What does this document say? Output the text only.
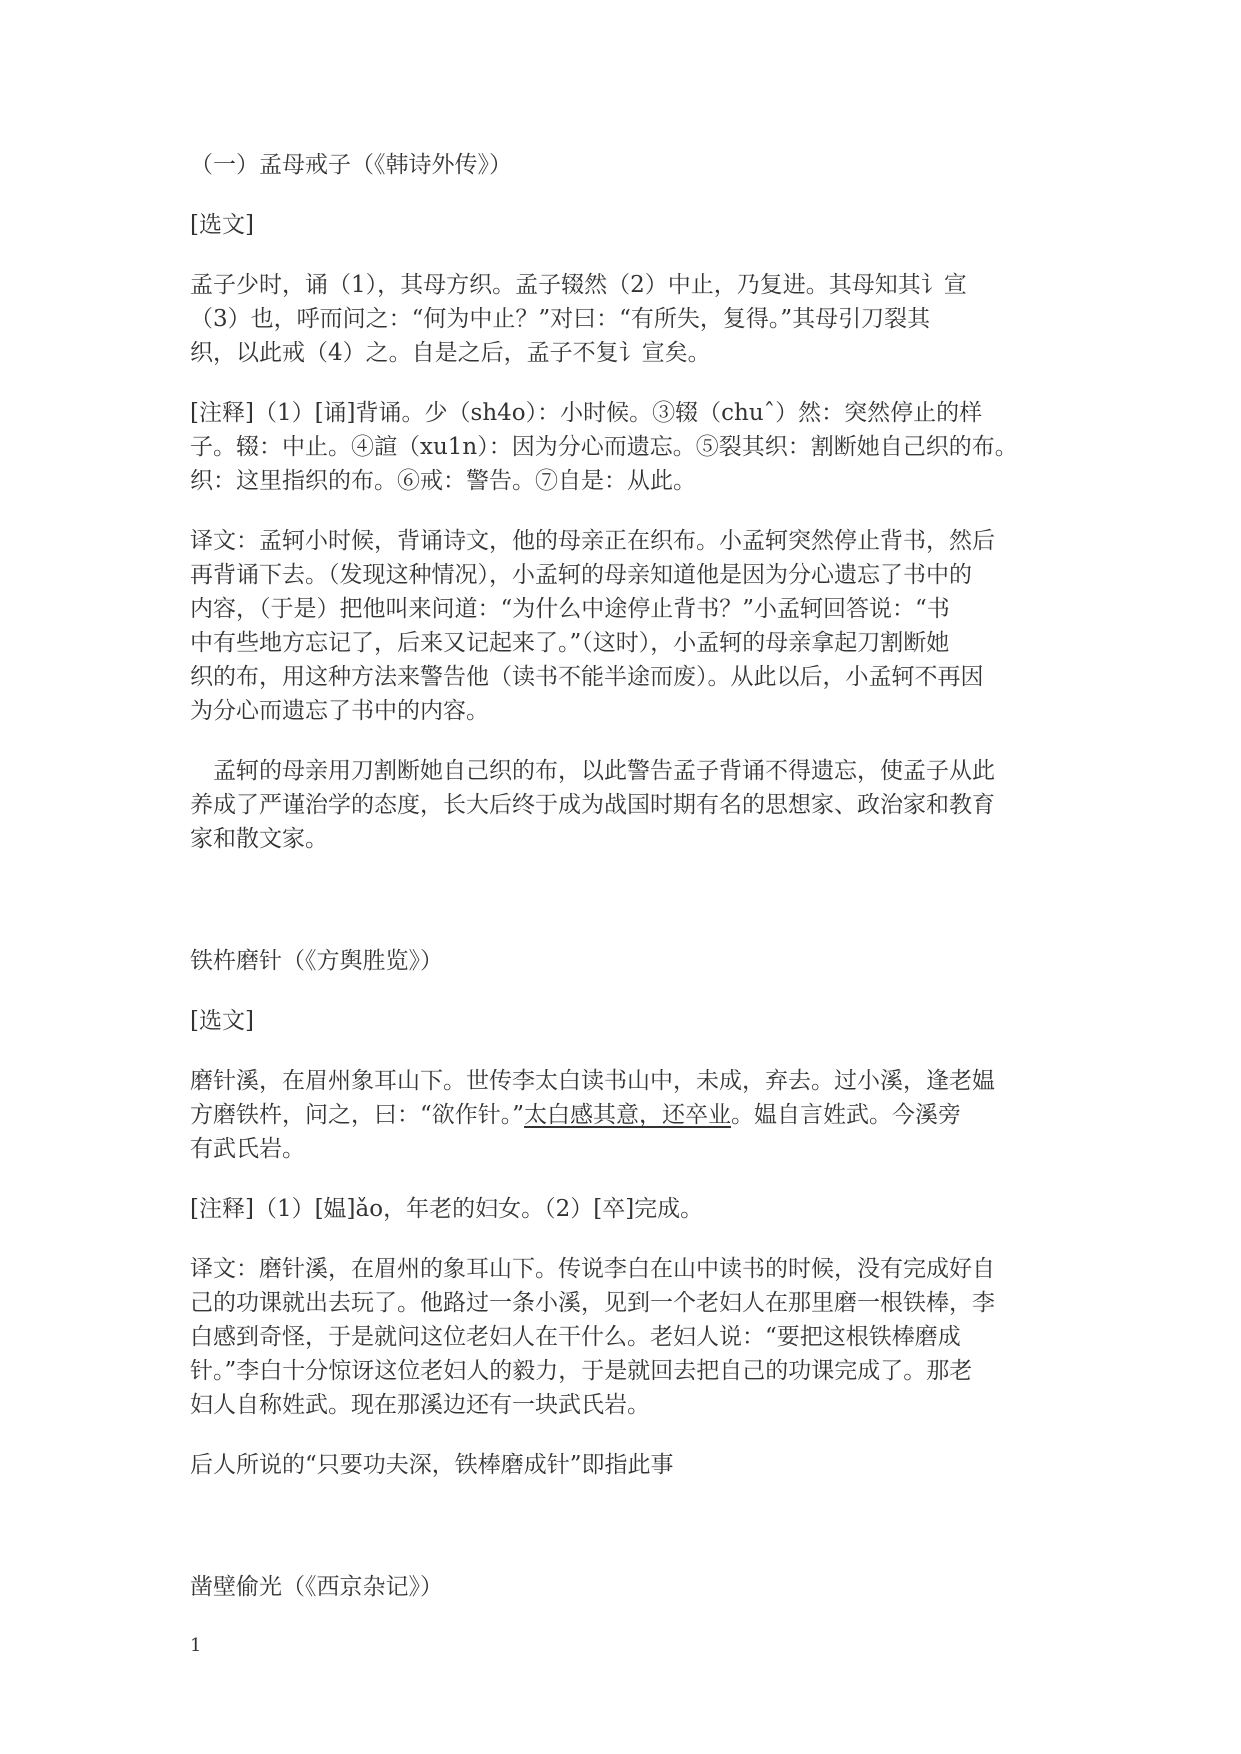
（一）孟母戒子（《韩诗外传》）

[选文]

孟子少时，诵（1），其母方织。孟子辍然（2）中止，乃复进。其母知其讠宣

（3）也，呼而问之：“何为中止？”对曰：“有所失，复得。”其母引刀裂其

织，以此戒（4）之。自是之后，孟子不复讠宣矣。

[注释]（1）[诵]背诵。少（sh4o）：小时候。③辍（chuˆ）然：突然停止的样

子。辍：中止。④諠（xu1n）：因为分心而遗忘。⑤裂其织：割断她自己织的布。

织：这里指织的布。⑥戒：警告。⑦自是：从此。

译文：孟轲小时候，背诵诗文，他的母亲正在织布。小孟轲突然停止背书，然后

再背诵下去。（发现这种情况），小孟轲的母亲知道他是因为分心遗忘了书中的

内容，（于是）把他叫来问道：“为什么中途停止背书？”小孟轲回答说：“书

中有些地方忘记了，后来又记起来了。”（这时），小孟轲的母亲拿起刀割断她

织的布，用这种方法来警告他（读书不能半途而废）。从此以后，小孟轲不再因

为分心而遗忘了书中的内容。

　孟轲的母亲用刀割断她自己织的布，以此警告孟子背诵不得遗忘，使孟子从此

养成了严谨治学的态度，长大后终于成为战国时期有名的思想家、政治家和教育

家和散文家。

铁杵磨针（《方舆胜览》）

[选文]

磨针溪，在眉州象耳山下。世传李太白读书山中，未成，弃去。过小溪，逢老媪

方磨铁杵，问之，曰：“欲作针。”太白感其意，还卒业。媪自言姓武。今溪旁

有武氏岩。

[注释]（1）[媪]ǎo，年老的妇女。（2）[卒]完成。

译文：磨针溪，在眉州的象耳山下。传说李白在山中读书的时候，没有完成好自

己的功课就出去玩了。他路过一条小溪，见到一个老妇人在那里磨一根铁棒，李

白感到奇怪，于是就问这位老妇人在干什么。老妇人说：“要把这根铁棒磨成

针。”李白十分惊讶这位老妇人的毅力，于是就回去把自己的功课完成了。那老

妇人自称姓武。现在那溪边还有一块武氏岩。

后人所说的“只要功夫深，铁棒磨成针”即指此事

凿壁偷光（《西京杂记》）

1
